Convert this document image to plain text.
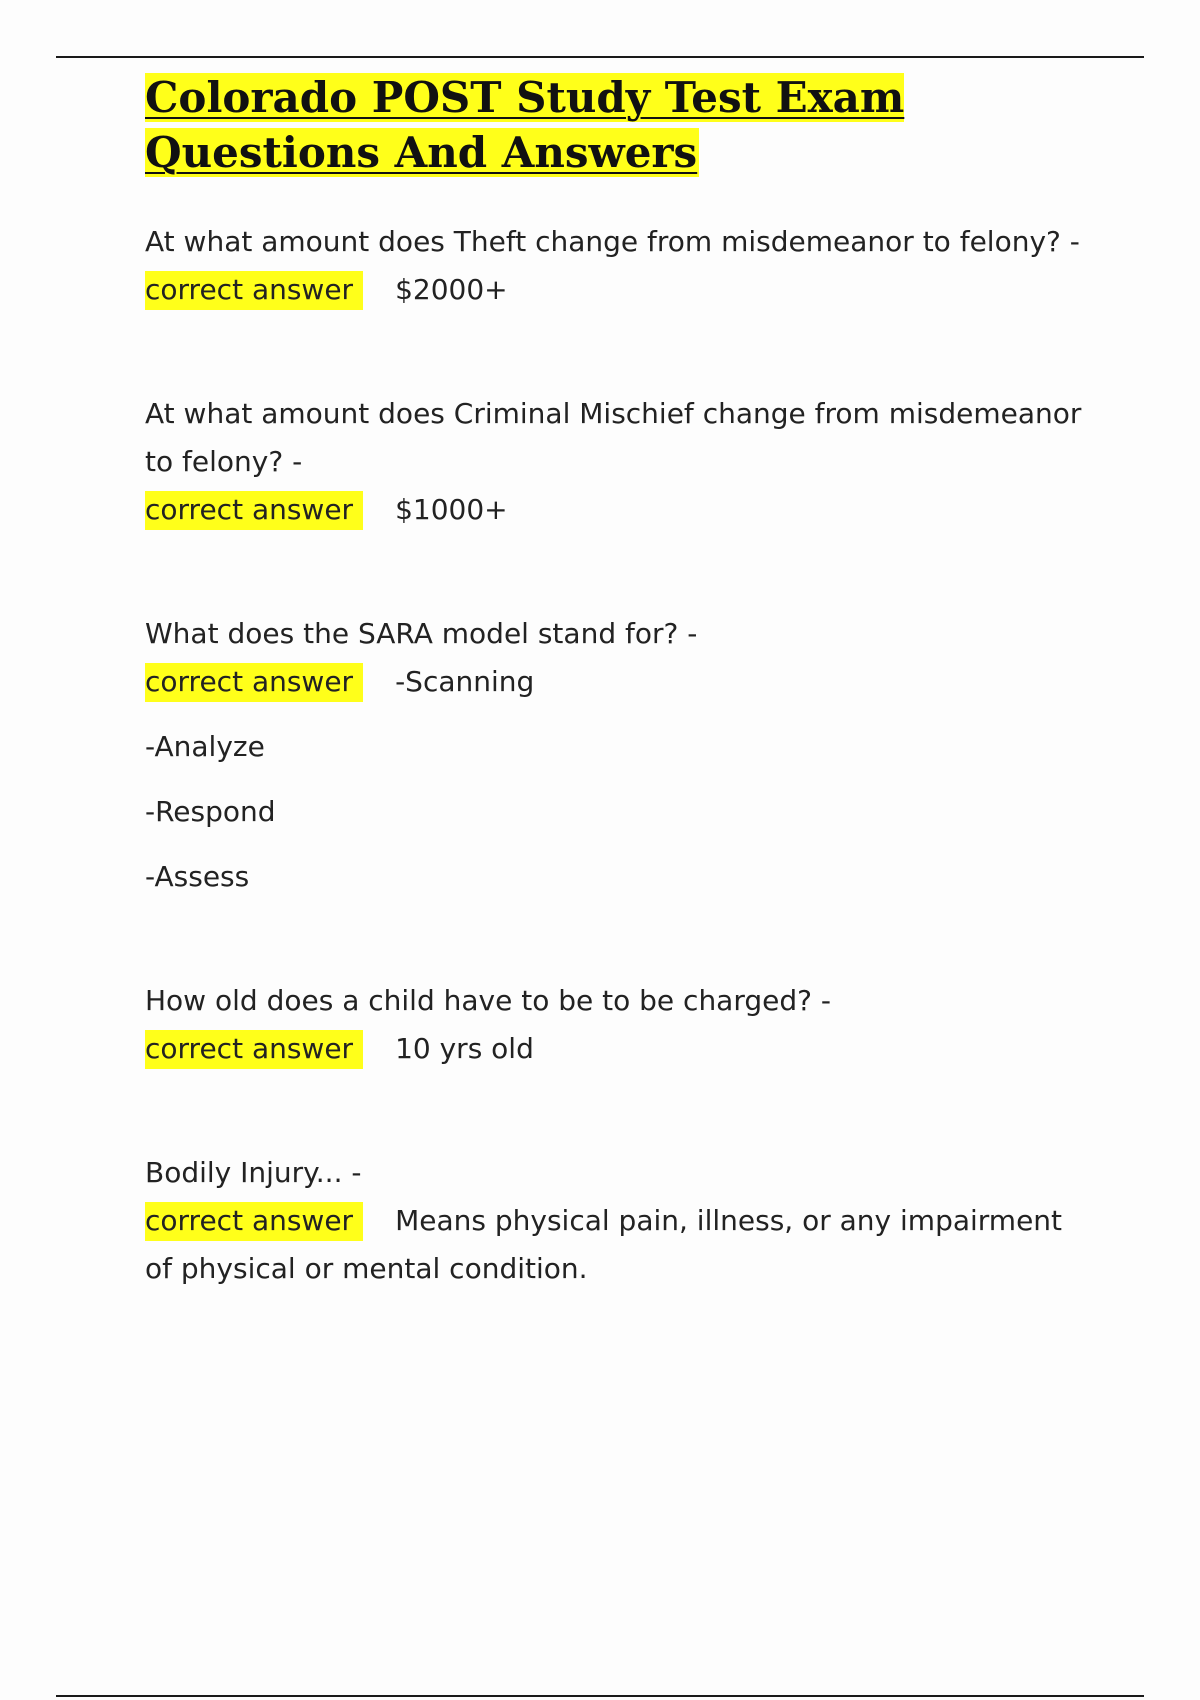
Colorado POST Study Test Exam Questions And Answers

At what amount does Theft change from misdemeanor to felony? -

correct answer $2000+

At what amount does Criminal Mischief change from misdemeanor to felony? -

correct answer $1000+

What does the SARA model stand for? -

correct answer -Scanning

-Analyze

-Respond

-Assess

How old does a child have to be to be charged? -

correct answer 10 yrs old

Bodily Injury... -

correct answer Means physical pain, illness, or any impairment of physical or mental condition.
